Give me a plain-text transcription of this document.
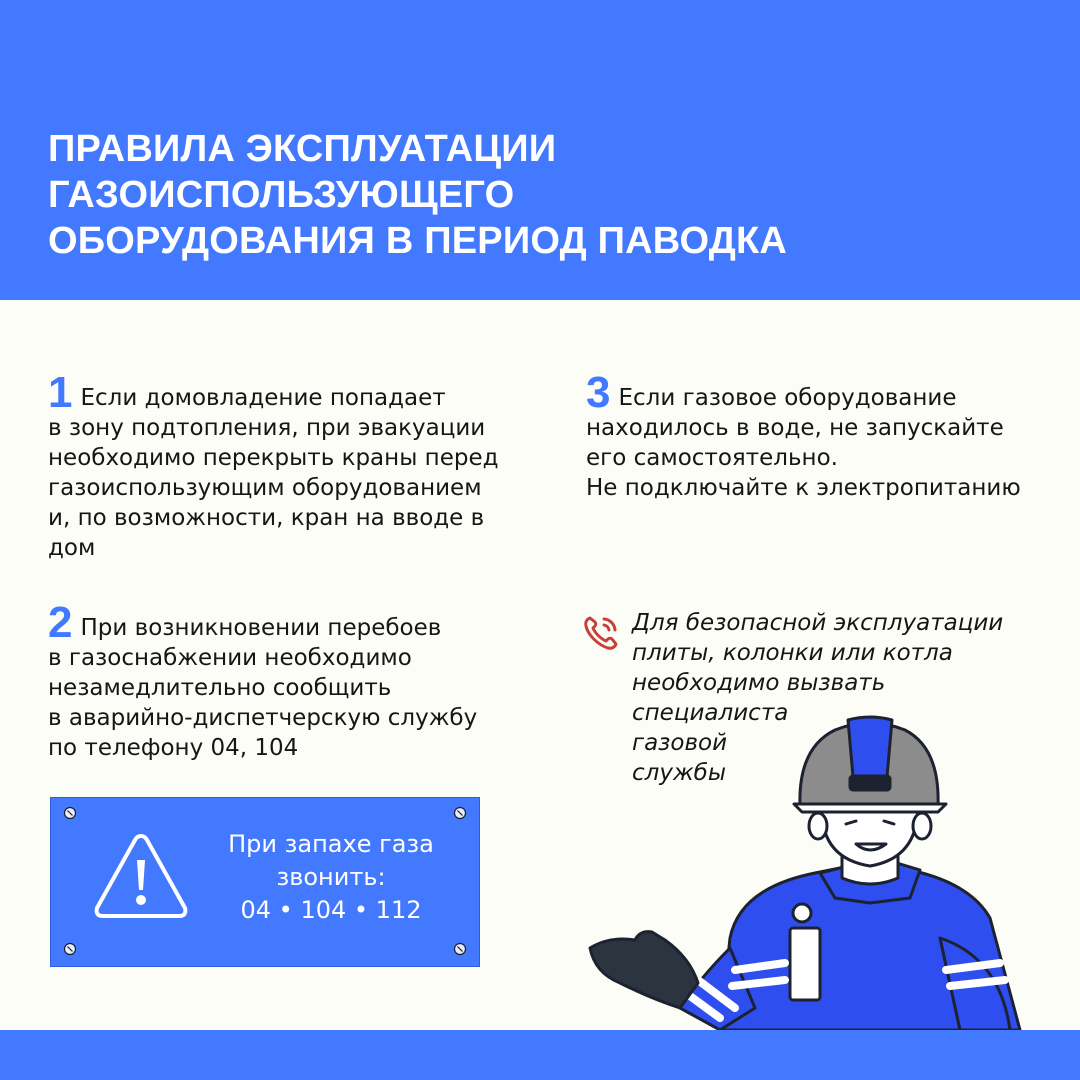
ПРАВИЛА ЭКСПЛУАТАЦИИ
ГАЗОИСПОЛЬЗУЮЩЕГО
ОБОРУДОВАНИЯ В ПЕРИОД ПАВОДКА

1 Если домовладение попадает
в зону подтопления, при эвакуации
необходимо перекрыть краны перед
газоиспользующим оборудованием
и, по возможности, кран на вводе в
дом

2 При возникновении перебоев
в газоснабжении необходимо
незамедлительно сообщить
в аварийно-диспетчерскую службу
по телефону 04, 104

3 Если газовое оборудование
находилось в воде, не запускайте
его самостоятельно.
Не подключайте к электропитанию

Для безопасной эксплуатации
плиты, колонки или котла
необходимо вызвать
специалиста
газовой
службы

При запахе газа
звонить:
04 • 104 • 112
